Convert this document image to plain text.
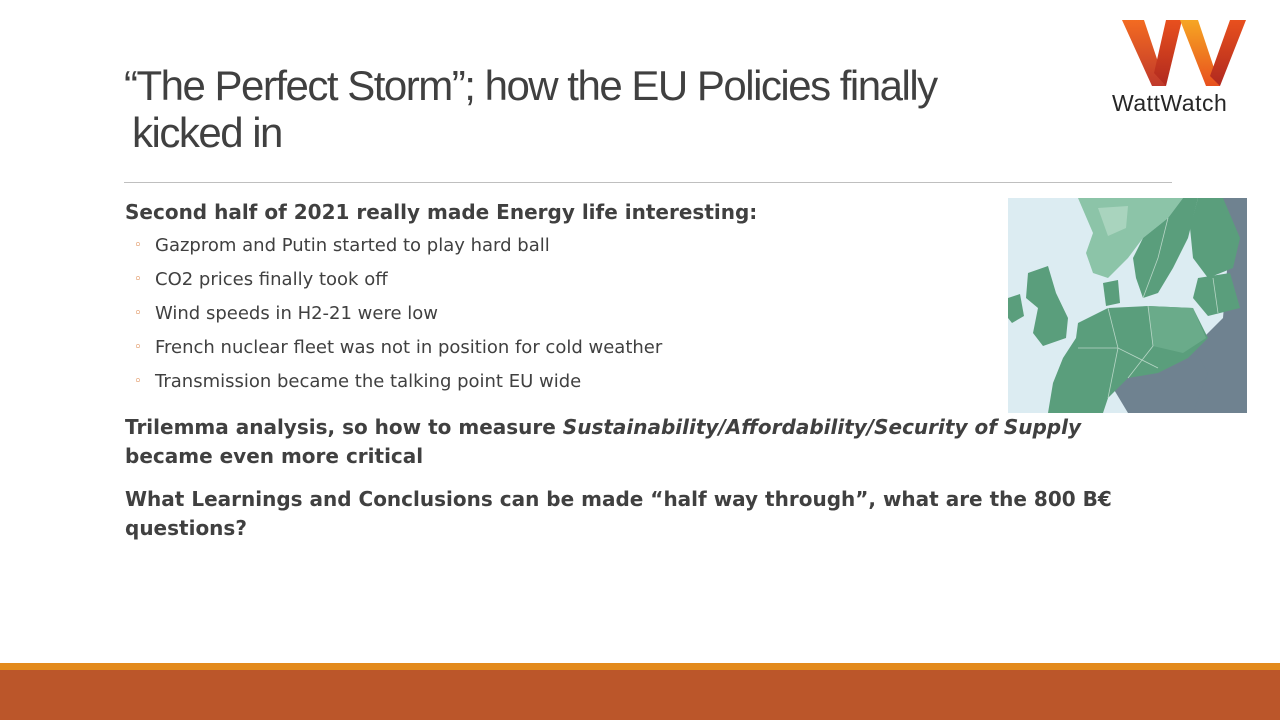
“The Perfect Storm”; how the EU Policies finally
kicked in
WattWatch

Second half of 2021 really made Energy life interesting:

◦ Gazprom and Putin started to play hard ball
◦ CO2 prices finally took off
◦ Wind speeds in H2-21 were low
◦ French nuclear fleet was not in position for cold weather
◦ Transmission became the talking point EU wide

Trilemma analysis, so how to measure Sustainability/Affordability/Security of Supply became even more critical

What Learnings and Conclusions can be made “half way through”, what are the 800 B€ questions?
